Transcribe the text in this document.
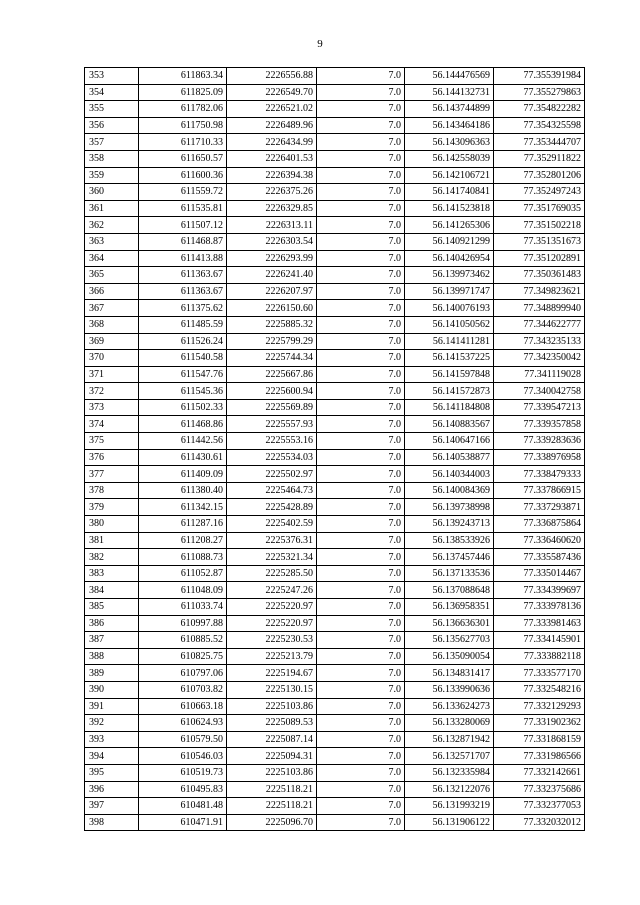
9
353	611863.34	2226556.88	7.0	56.144476569	77.355391984
354	611825.09	2226549.70	7.0	56.144132731	77.355279863
355	611782.06	2226521.02	7.0	56.143744899	77.354822282
356	611750.98	2226489.96	7.0	56.143464186	77.354325598
357	611710.33	2226434.99	7.0	56.143096363	77.353444707
358	611650.57	2226401.53	7.0	56.142558039	77.352911822
359	611600.36	2226394.38	7.0	56.142106721	77.352801206
360	611559.72	2226375.26	7.0	56.141740841	77.352497243
361	611535.81	2226329.85	7.0	56.141523818	77.351769035
362	611507.12	2226313.11	7.0	56.141265306	77.351502218
363	611468.87	2226303.54	7.0	56.140921299	77.351351673
364	611413.88	2226293.99	7.0	56.140426954	77.351202891
365	611363.67	2226241.40	7.0	56.139973462	77.350361483
366	611363.67	2226207.97	7.0	56.139971747	77.349823621
367	611375.62	2226150.60	7.0	56.140076193	77.348899940
368	611485.59	2225885.32	7.0	56.141050562	77.344622777
369	611526.24	2225799.29	7.0	56.141411281	77.343235133
370	611540.58	2225744.34	7.0	56.141537225	77.342350042
371	611547.76	2225667.86	7.0	56.141597848	77.341119028
372	611545.36	2225600.94	7.0	56.141572873	77.340042758
373	611502.33	2225569.89	7.0	56.141184808	77.339547213
374	611468.86	2225557.93	7.0	56.140883567	77.339357858
375	611442.56	2225553.16	7.0	56.140647166	77.339283636
376	611430.61	2225534.03	7.0	56.140538877	77.338976958
377	611409.09	2225502.97	7.0	56.140344003	77.338479333
378	611380.40	2225464.73	7.0	56.140084369	77.337866915
379	611342.15	2225428.89	7.0	56.139738998	77.337293871
380	611287.16	2225402.59	7.0	56.139243713	77.336875864
381	611208.27	2225376.31	7.0	56.138533926	77.336460620
382	611088.73	2225321.34	7.0	56.137457446	77.335587436
383	611052.87	2225285.50	7.0	56.137133536	77.335014467
384	611048.09	2225247.26	7.0	56.137088648	77.334399697
385	611033.74	2225220.97	7.0	56.136958351	77.333978136
386	610997.88	2225220.97	7.0	56.136636301	77.333981463
387	610885.52	2225230.53	7.0	56.135627703	77.334145901
388	610825.75	2225213.79	7.0	56.135090054	77.333882118
389	610797.06	2225194.67	7.0	56.134831417	77.333577170
390	610703.82	2225130.15	7.0	56.133990636	77.332548216
391	610663.18	2225103.86	7.0	56.133624273	77.332129293
392	610624.93	2225089.53	7.0	56.133280069	77.331902362
393	610579.50	2225087.14	7.0	56.132871942	77.331868159
394	610546.03	2225094.31	7.0	56.132571707	77.331986566
395	610519.73	2225103.86	7.0	56.132335984	77.332142661
396	610495.83	2225118.21	7.0	56.132122076	77.332375686
397	610481.48	2225118.21	7.0	56.131993219	77.332377053
398	610471.91	2225096.70	7.0	56.131906122	77.332032012
